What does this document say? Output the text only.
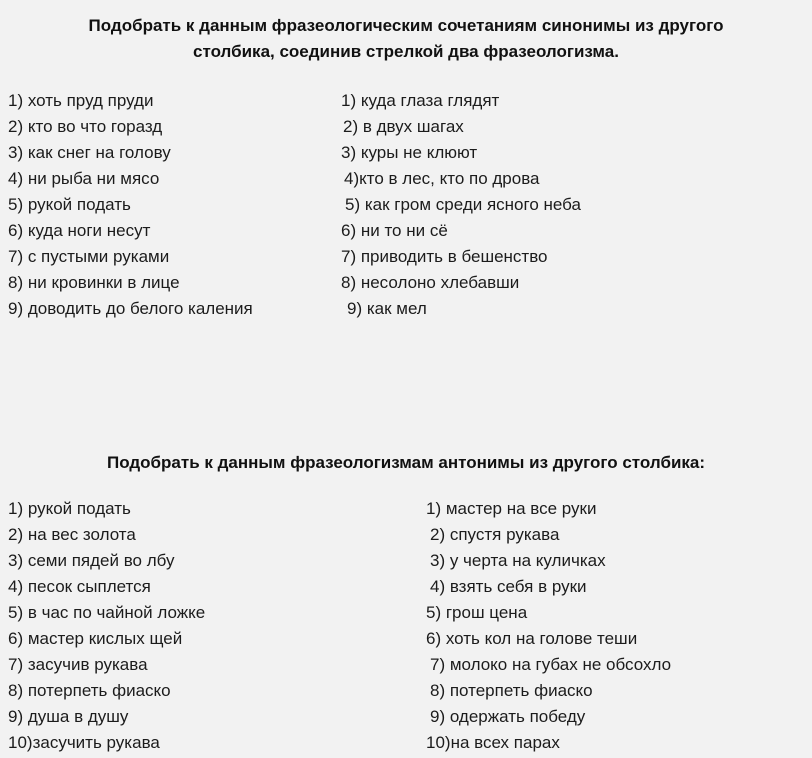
Подобрать к данным фразеологическим сочетаниям синонимы из другого
столбика, соединив стрелкой два фразеологизма.
1) хоть пруд пруди
2) кто во что горазд
3) как снег на голову
4) ни рыба ни мясо
5) рукой подать
6) куда ноги несут
7) с пустыми руками
8) ни кровинки в лице
9) доводить до белого каления
1) куда глаза глядят
2) в двух шагах
3) куры не клюют
4)кто в лес, кто по дрова
5) как гром среди ясного неба
6) ни то ни сё
7) приводить в бешенство
8) несолоно хлебавши
9) как мел
Подобрать к данным фразеологизмам антонимы из другого столбика:
1) рукой подать
2) на вес золота
3) семи пядей во лбу
4) песок сыплется
5) в час по чайной ложке
6) мастер кислых щей
7) засучив рукава
8) потерпеть фиаско
9) душа в душу
10)засучить рукава
1) мастер на все руки
2) спустя рукава
3) у черта на куличках
4) взять себя в руки
5) грош цена
6) хоть кол на голове теши
7) молоко на губах не обсохло
8) потерпеть фиаско
9) одержать победу
10)на всех парах
